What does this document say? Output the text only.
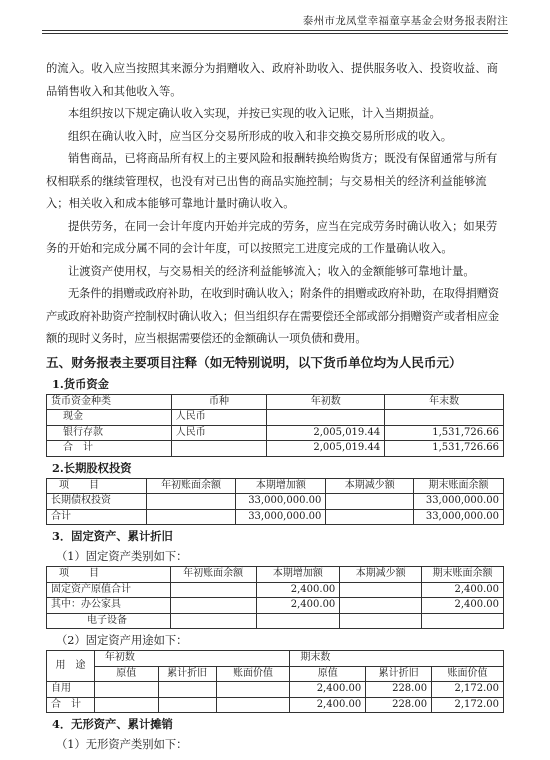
泰州市龙凤堂幸福童享基金会财务报表附注

的流入。收入应当按照其来源分为捐赠收入、政府补助收入、提供服务收入、投资收益、商品销售收入和其他收入等。

本组织按以下规定确认收入实现，并按已实现的收入记账，计入当期损益。

组织在确认收入时，应当区分交易所形成的收入和非交换交易所形成的收入。

销售商品，已将商品所有权上的主要风险和报酬转换给购货方；既没有保留通常与所有权相联系的继续管理权，也没有对已出售的商品实施控制；与交易相关的经济利益能够流入；相关收入和成本能够可靠地计量时确认收入。

提供劳务，在同一会计年度内开始并完成的劳务，应当在完成劳务时确认收入；如果劳务的开始和完成分属不同的会计年度，可以按照完工进度完成的工作量确认收入。

让渡资产使用权，与交易相关的经济利益能够流入；收入的金额能够可靠地计量。

无条件的捐赠或政府补助，在收到时确认收入；附条件的捐赠或政府补助，在取得捐赠资产或政府补助资产控制权时确认收入；但当组织存在需要偿还全部或部分捐赠资产或者相应金额的现时义务时，应当根据需要偿还的金额确认一项负债和费用。

五、财务报表主要项目注释（如无特别说明，以下货币单位均为人民币元）
1.货币资金
货币资金种类	币种	年初数	年末数
现金	人民币		
银行存款	人民币	2,005,019.44	1,531,726.66
合　计		2,005,019.44	1,531,726.66
2.长期股权投资
项　　目	年初账面余额	本期增加额	本期减少额	期末账面余额
长期债权投资		33,000,000.00		33,000,000.00
合计		33,000,000.00		33,000,000.00
3．固定资产、累计折旧
（1）固定资产类别如下：
项　　目	年初账面余额	本期增加额	本期减少额	期末账面余额
固定资产原值合计		2,400.00		2,400.00
其中：办公家具		2,400.00		2,400.00
电子设备				
（2）固定资产用途如下：
用　途	年初数			期末数		
	原值	累计折旧	账面价值	原值	累计折旧	账面价值
自用				2,400.00	228.00	2,172.00
合　计				2,400.00	228.00	2,172.00
4．无形资产、累计摊销
（1）无形资产类别如下：
